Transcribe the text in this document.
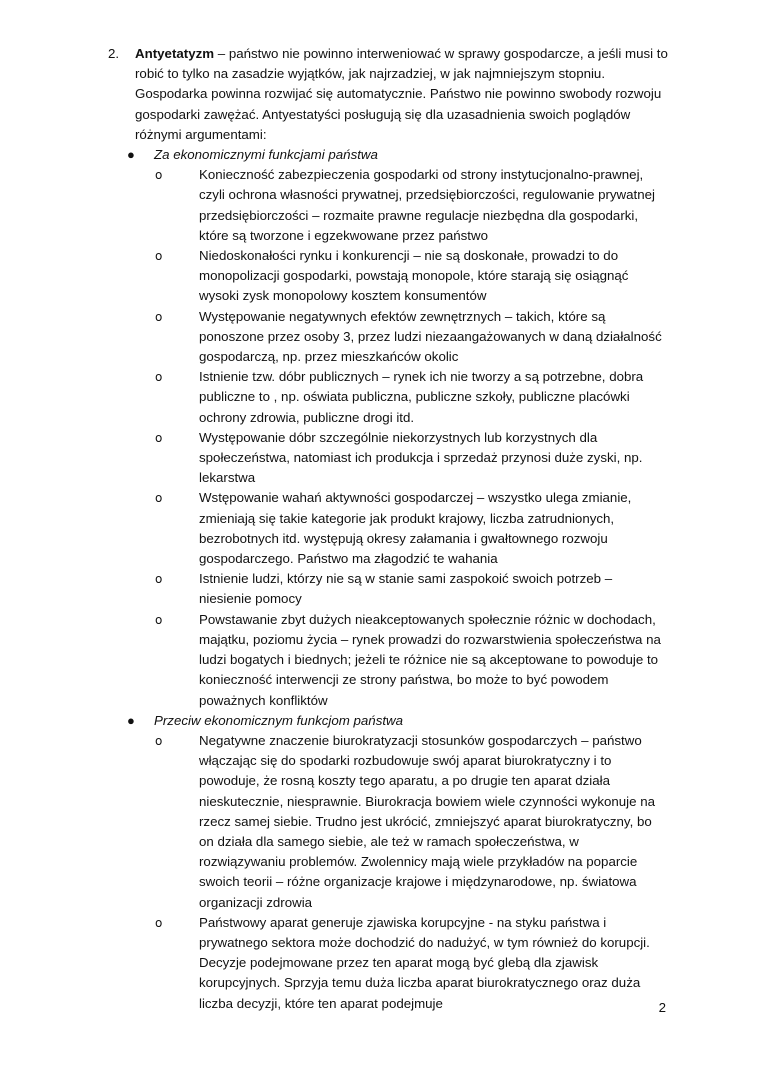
2. Antyetatyzm – państwo nie powinno interweniować w sprawy gospodarcze, a jeśli musi to robić to tylko na zasadzie wyjątków, jak najrzadziej, w jak najmniejszym stopniu. Gospodarka powinna rozwijać się automatycznie. Państwo nie powinno swobody rozwoju gospodarki zawężać. Antyestatyści posługują się dla uzasadnienia swoich poglądów różnymi argumentami:
● Za ekonomicznymi funkcjami państwa
o	Konieczność zabezpieczenia gospodarki od strony instytucjonalno-prawnej, czyli ochrona własności prywatnej, przedsiębiorczości, regulowanie prywatnej przedsiębiorczości – rozmaite prawne regulacje niezbędna dla gospodarki, które są tworzone i egzekwowane przez państwo
o	Niedoskonałości rynku i konkurencji – nie są doskonałe, prowadzi to do monopolizacji gospodarki, powstają monopole, które starają się osiągnąć wysoki zysk monopolowy kosztem konsumentów
o	Występowanie negatywnych efektów zewnętrznych – takich, które są ponoszone przez osoby 3, przez ludzi niezaangażowanych w daną działalność gospodarczą, np. przez mieszkańców okolic
o	Istnienie tzw. dóbr publicznych – rynek ich nie tworzy a są potrzebne, dobra publiczne to , np. oświata publiczna, publiczne szkoły, publiczne placówki ochrony zdrowia, publiczne drogi itd.
o	Występowanie dóbr szczególnie niekorzystnych lub korzystnych dla społeczeństwa, natomiast ich produkcja i sprzedaż przynosi duże zyski, np. lekarstwa
o	Wstępowanie wahań aktywności gospodarczej – wszystko ulega zmianie, zmieniają się takie kategorie jak produkt krajowy, liczba zatrudnionych, bezrobotnych itd. występują okresy załamania i gwałtownego rozwoju gospodarczego. Państwo ma złagodzić te wahania
o	Istnienie ludzi, którzy nie są w stanie sami zaspokoić swoich potrzeb – niesienie pomocy
o	Powstawanie zbyt dużych nieakceptowanych społecznie różnic w dochodach, majątku, poziomu życia – rynek prowadzi do rozwarstwienia społeczeństwa na ludzi bogatych i biednych; jeżeli te różnice nie są akceptowane to powoduje to konieczność interwencji ze strony państwa, bo może to być powodem poważnych konfliktów
● Przeciw ekonomicznym funkcjom państwa
o	Negatywne znaczenie biurokratyzacji stosunków gospodarczych – państwo włączając się do spodarki rozbudowuje swój aparat biurokratyczny i to powoduje, że rosną koszty tego aparatu, a po drugie ten aparat działa nieskutecznie, niesprawnie. Biurokracja bowiem wiele czynności wykonuje na rzecz samej siebie. Trudno jest ukrócić, zmniejszyć aparat biurokratyczny, bo on działa dla samego siebie, ale też w ramach społeczeństwa, w rozwiązywaniu problemów. Zwolennicy mają wiele przykładów na poparcie swoich teorii – różne organizacje krajowe i międzynarodowe, np. światowa organizacji zdrowia
o	Państwowy aparat generuje zjawiska korupcyjne - na styku państwa i prywatnego sektora może dochodzić do nadużyć, w tym również do korupcji. Decyzje podejmowane przez ten aparat mogą być glebą dla zjawisk korupcyjnych. Sprzyja temu duża liczba aparat biurokratycznego oraz duża liczba decyzji, które ten aparat podejmuje	2
